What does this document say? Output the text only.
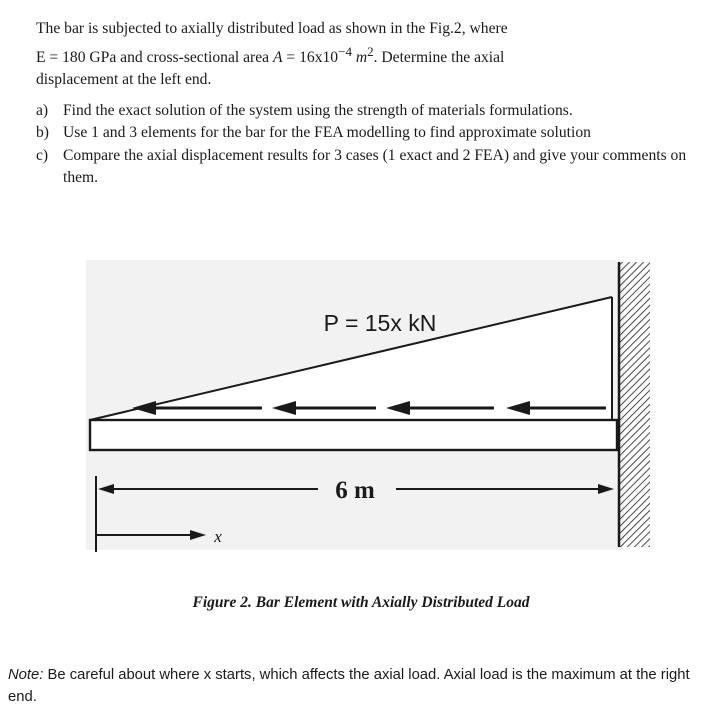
The bar is subjected to axially distributed load as shown in the Fig.2, where
E = 180 GPa and cross-sectional area $A = 16x10^{-4}$ $m^2$. Determine the axial
displacement at the left end.

a) Find the exact solution of the system using the strength of materials formulations.
b) Use 1 and 3 elements for the bar for the FEA modelling to find approximate solution
c) Compare the axial displacement results for 3 cases (1 exact and 2 FEA) and give your comments on them.
P = 15x kN
6 m
x
Figure 2. Bar Element with Axially Distributed Load
Note: Be careful about where x starts, which affects the axial load. Axial load is the maximum at the right end.
